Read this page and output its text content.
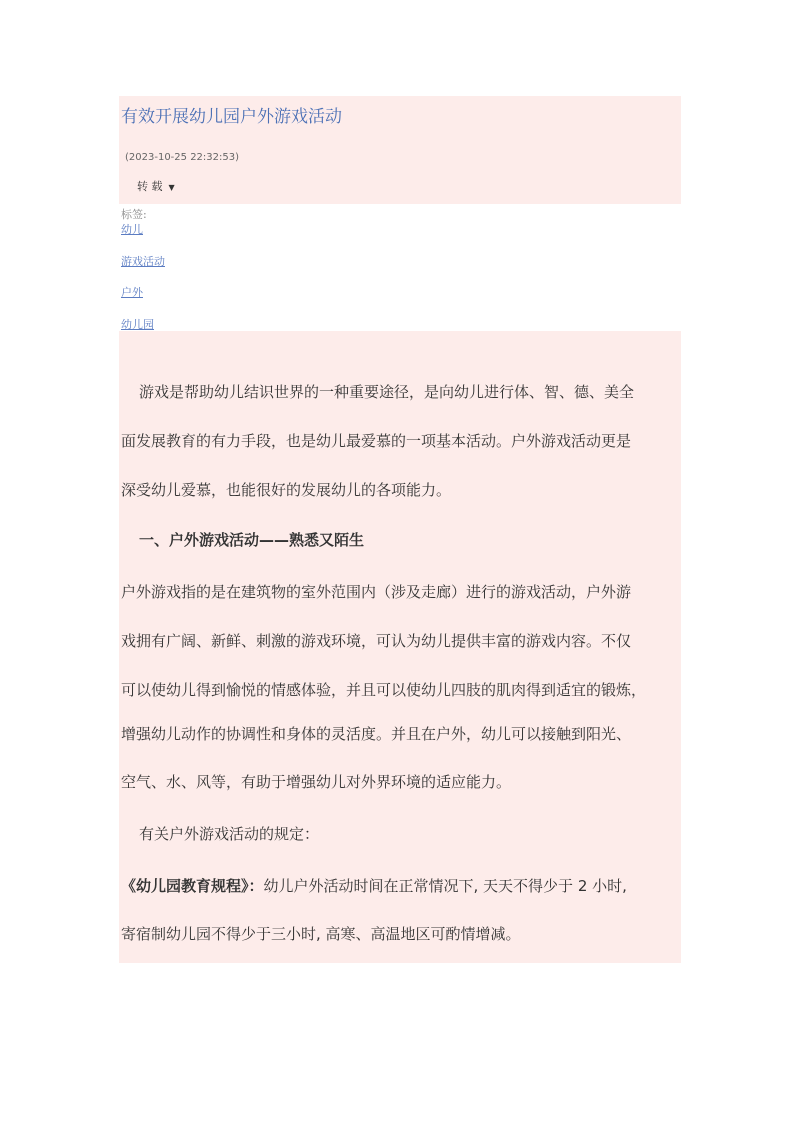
有效开展幼儿园户外游戏活动
(2023-10-25 22:32:53)
转 载 ▼
标签:
幼儿
游戏活动
户外
幼儿园
游戏是帮助幼儿结识世界的一种重要途径，是向幼儿进行体、智、德、美全
面发展教育的有力手段，也是幼儿最爱慕的一项基本活动。户外游戏活动更是
深受幼儿爱慕，也能很好的发展幼儿的各项能力。
一、户外游戏活动——熟悉又陌生
户外游戏指的是在建筑物的室外范围内（涉及走廊）进行的游戏活动，户外游
戏拥有广阔、新鲜、刺激的游戏环境，可认为幼儿提供丰富的游戏内容。不仅
可以使幼儿得到愉悦的情感体验，并且可以使幼儿四肢的肌肉得到适宜的锻炼，
增强幼儿动作的协调性和身体的灵活度。并且在户外，幼儿可以接触到阳光、
空气、水、风等，有助于增强幼儿对外界环境的适应能力。
有关户外游戏活动的规定：
《幼儿园教育规程》：幼儿户外活动时间在正常情况下, 天天不得少于 2 小时,
寄宿制幼儿园不得少于三小时, 高寒、高温地区可酌情增减。
